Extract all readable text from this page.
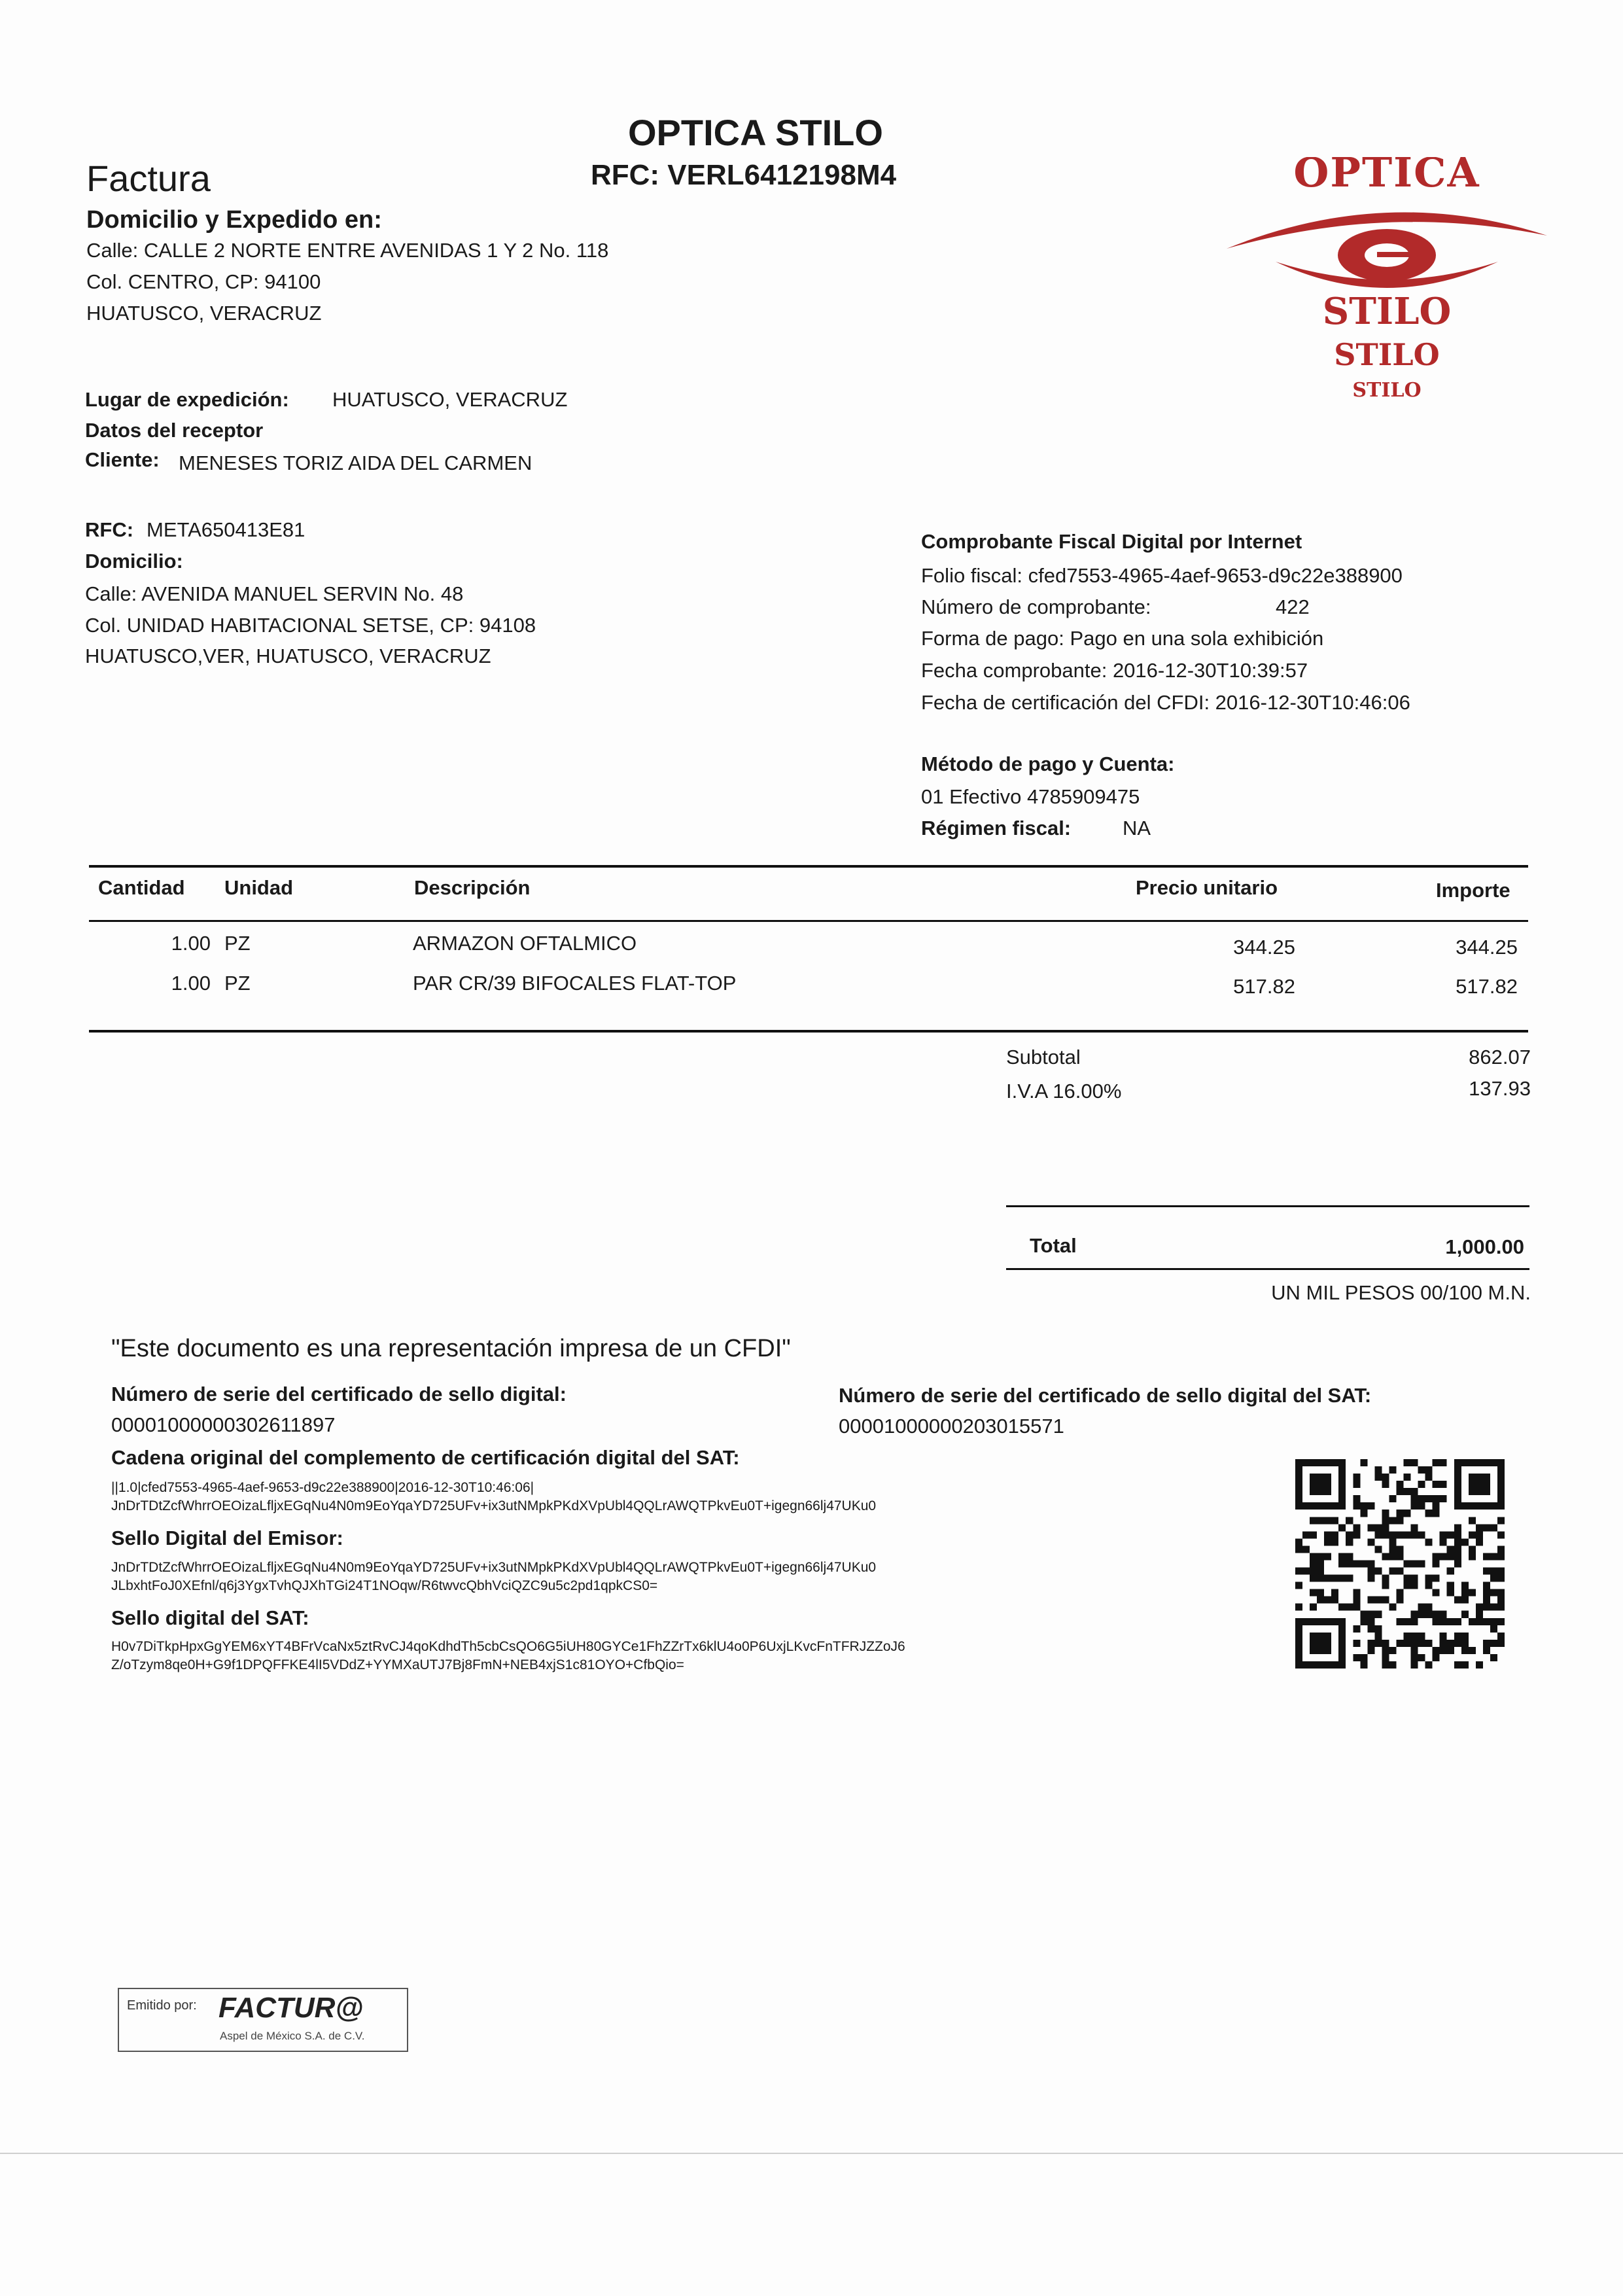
OPTICA STILO
RFC: VERL6412198M4
Factura	OPTICA
STILO
STILO
STILO
Domicilio y Expedido en:
Calle: CALLE 2 NORTE ENTRE AVENIDAS 1 Y 2 No. 118
Col. CENTRO, CP: 94100
HUATUSCO, VERACRUZ
Lugar de expedición: HUATUSCO, VERACRUZ
Datos del receptor
Cliente: MENESES TORIZ AIDA DEL CARMEN
RFC: META650413E81
Domicilio:
Calle: AVENIDA MANUEL SERVIN No. 48
Col. UNIDAD HABITACIONAL SETSE, CP: 94108
HUATUSCO,VER, HUATUSCO, VERACRUZ
Comprobante Fiscal Digital por Internet
Folio fiscal: cfed7553-4965-4aef-9653-d9c22e388900
Número de comprobante:	422
Forma de pago: Pago en una sola exhibición
Fecha comprobante: 2016-12-30T10:39:57
Fecha de certificación del CFDI: 2016-12-30T10:46:06
Método de pago y Cuenta:
01 Efectivo 4785909475
Régimen fiscal:	NA
Cantidad Unidad	Descripción	Precio unitario	Importe
1.00 PZ	ARMAZON OFTALMICO	344.25	344.25
1.00 PZ	PAR CR/39 BIFOCALES FLAT-TOP	517.82	517.82
Subtotal	862.07
I.V.A 16.00%	137.93
Total	1,000.00
UN MIL PESOS 00/100 M.N.
"Este documento es una representación impresa de un CFDI"
Número de serie del certificado de sello digital:
00001000000302611897
Número de serie del certificado de sello digital del SAT:
00001000000203015571
Cadena original del complemento de certificación digital del SAT:
||1.0|cfed7553-4965-4aef-9653-d9c22e388900|2016-12-30T10:46:06|
JnDrTDtZcfWhrrOEOizaLfljxEGqNu4N0m9EoYqaYD725UFv+ix3utNMpkPKdXVpUbl4QQLrAWQTPkvEu0T+igegn66lj47UKu0
Sello Digital del Emisor:
JnDrTDtZcfWhrrOEOizaLfljxEGqNu4N0m9EoYqaYD725UFv+ix3utNMpkPKdXVpUbl4QQLrAWQTPkvEu0T+igegn66lj47UKu0
JLbxhtFoJ0XEfnl/q6j3YgxTvhQJXhTGi24T1NOqw/R6twvcQbhVciQZC9u5c2pd1qpkCS0=
Sello digital del SAT:
H0v7DiTkpHpxGgYEM6xYT4BFrVcaNx5ztRvCJ4qoKdhdTh5cbCsQO6G5iUH80GYCe1FhZZrTx6klU4o0P6UxjLKvcFnTFRJZZoJ6
Z/oTzym8qe0H+G9f1DPQFFKE4lI5VDdZ+YYMXaUTJ7Bj8FmN+NEB4xjS1c81OYO+CfbQio=
Emitido por: FACTUR@
Aspel de México S.A. de C.V.
